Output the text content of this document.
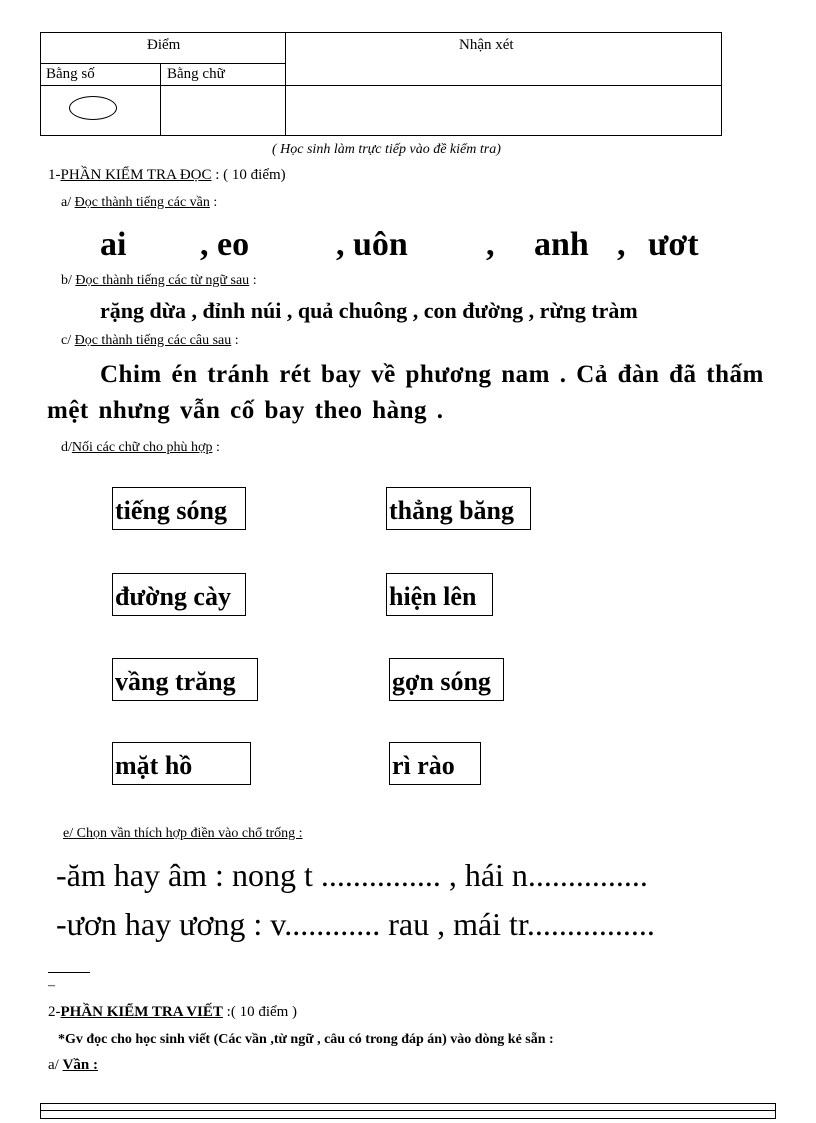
Điểm	Nhận xét
Bằng số	Bằng chữ
( Học sinh làm trực tiếp vào đề kiểm tra)
1-PHẦN KIỂM TRA ĐỌC : ( 10 điểm)
a/ Đọc thành tiếng các vần :
ai , eo	, uôn , anh , ươt
b/ Đọc thành tiếng các từ ngữ sau :
rặng dừa , đỉnh núi , quả chuông , con đường , rừng tràm
c/ Đọc thành tiếng các câu sau :
Chim én tránh rét bay về phương nam . Cả đàn đã thấm
mệt nhưng vẫn cố bay theo hàng .
d/Nối các chữ cho phù hợp :
tiếng sóng
đường cày
vầng trăng
mặt hồ
thẳng băng
hiện lên
gợn sóng
rì rào
e/ Chọn vần thích hợp điền vào chổ trống :
-ăm hay âm : nong t ............... , hái n...............
-ươn hay ương : v............ rau , mái tr................
–
2-PHẦN KIỂM TRA VIẾT :( 10 điểm )
*Gv đọc cho học sinh viết (Các vần ,từ ngữ , câu có trong đáp án) vào dòng kẻ sẵn :
a/ Vần :
